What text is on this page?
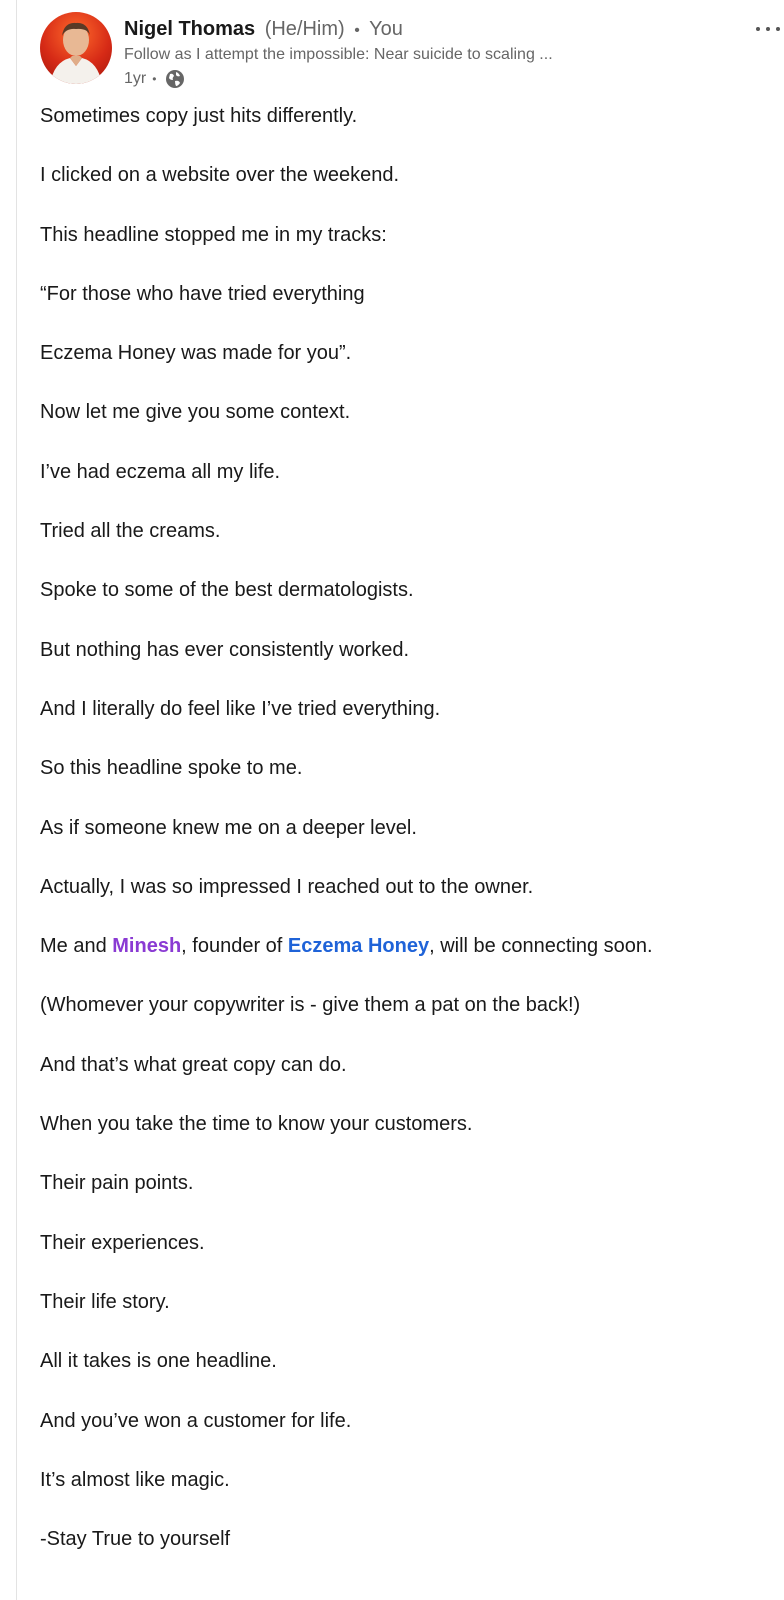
Nigel Thomas (He/Him) • You
Follow as I attempt the impossible: Near suicide to scaling ...
1yr •

Sometimes copy just hits differently.

I clicked on a website over the weekend.

This headline stopped me in my tracks:

“For those who have tried everything

Eczema Honey was made for you”.

Now let me give you some context.

I’ve had eczema all my life.

Tried all the creams.

Spoke to some of the best dermatologists.

But nothing has ever consistently worked.

And I literally do feel like I’ve tried everything.

So this headline spoke to me.

As if someone knew me on a deeper level.

Actually, I was so impressed I reached out to the owner.

Me and Minesh, founder of Eczema Honey, will be connecting soon.

(Whomever your copywriter is - give them a pat on the back!)

And that’s what great copy can do.

When you take the time to know your customers.

Their pain points.

Their experiences.

Their life story.

All it takes is one headline.

And you’ve won a customer for life.

It’s almost like magic.

-Stay True to yourself
